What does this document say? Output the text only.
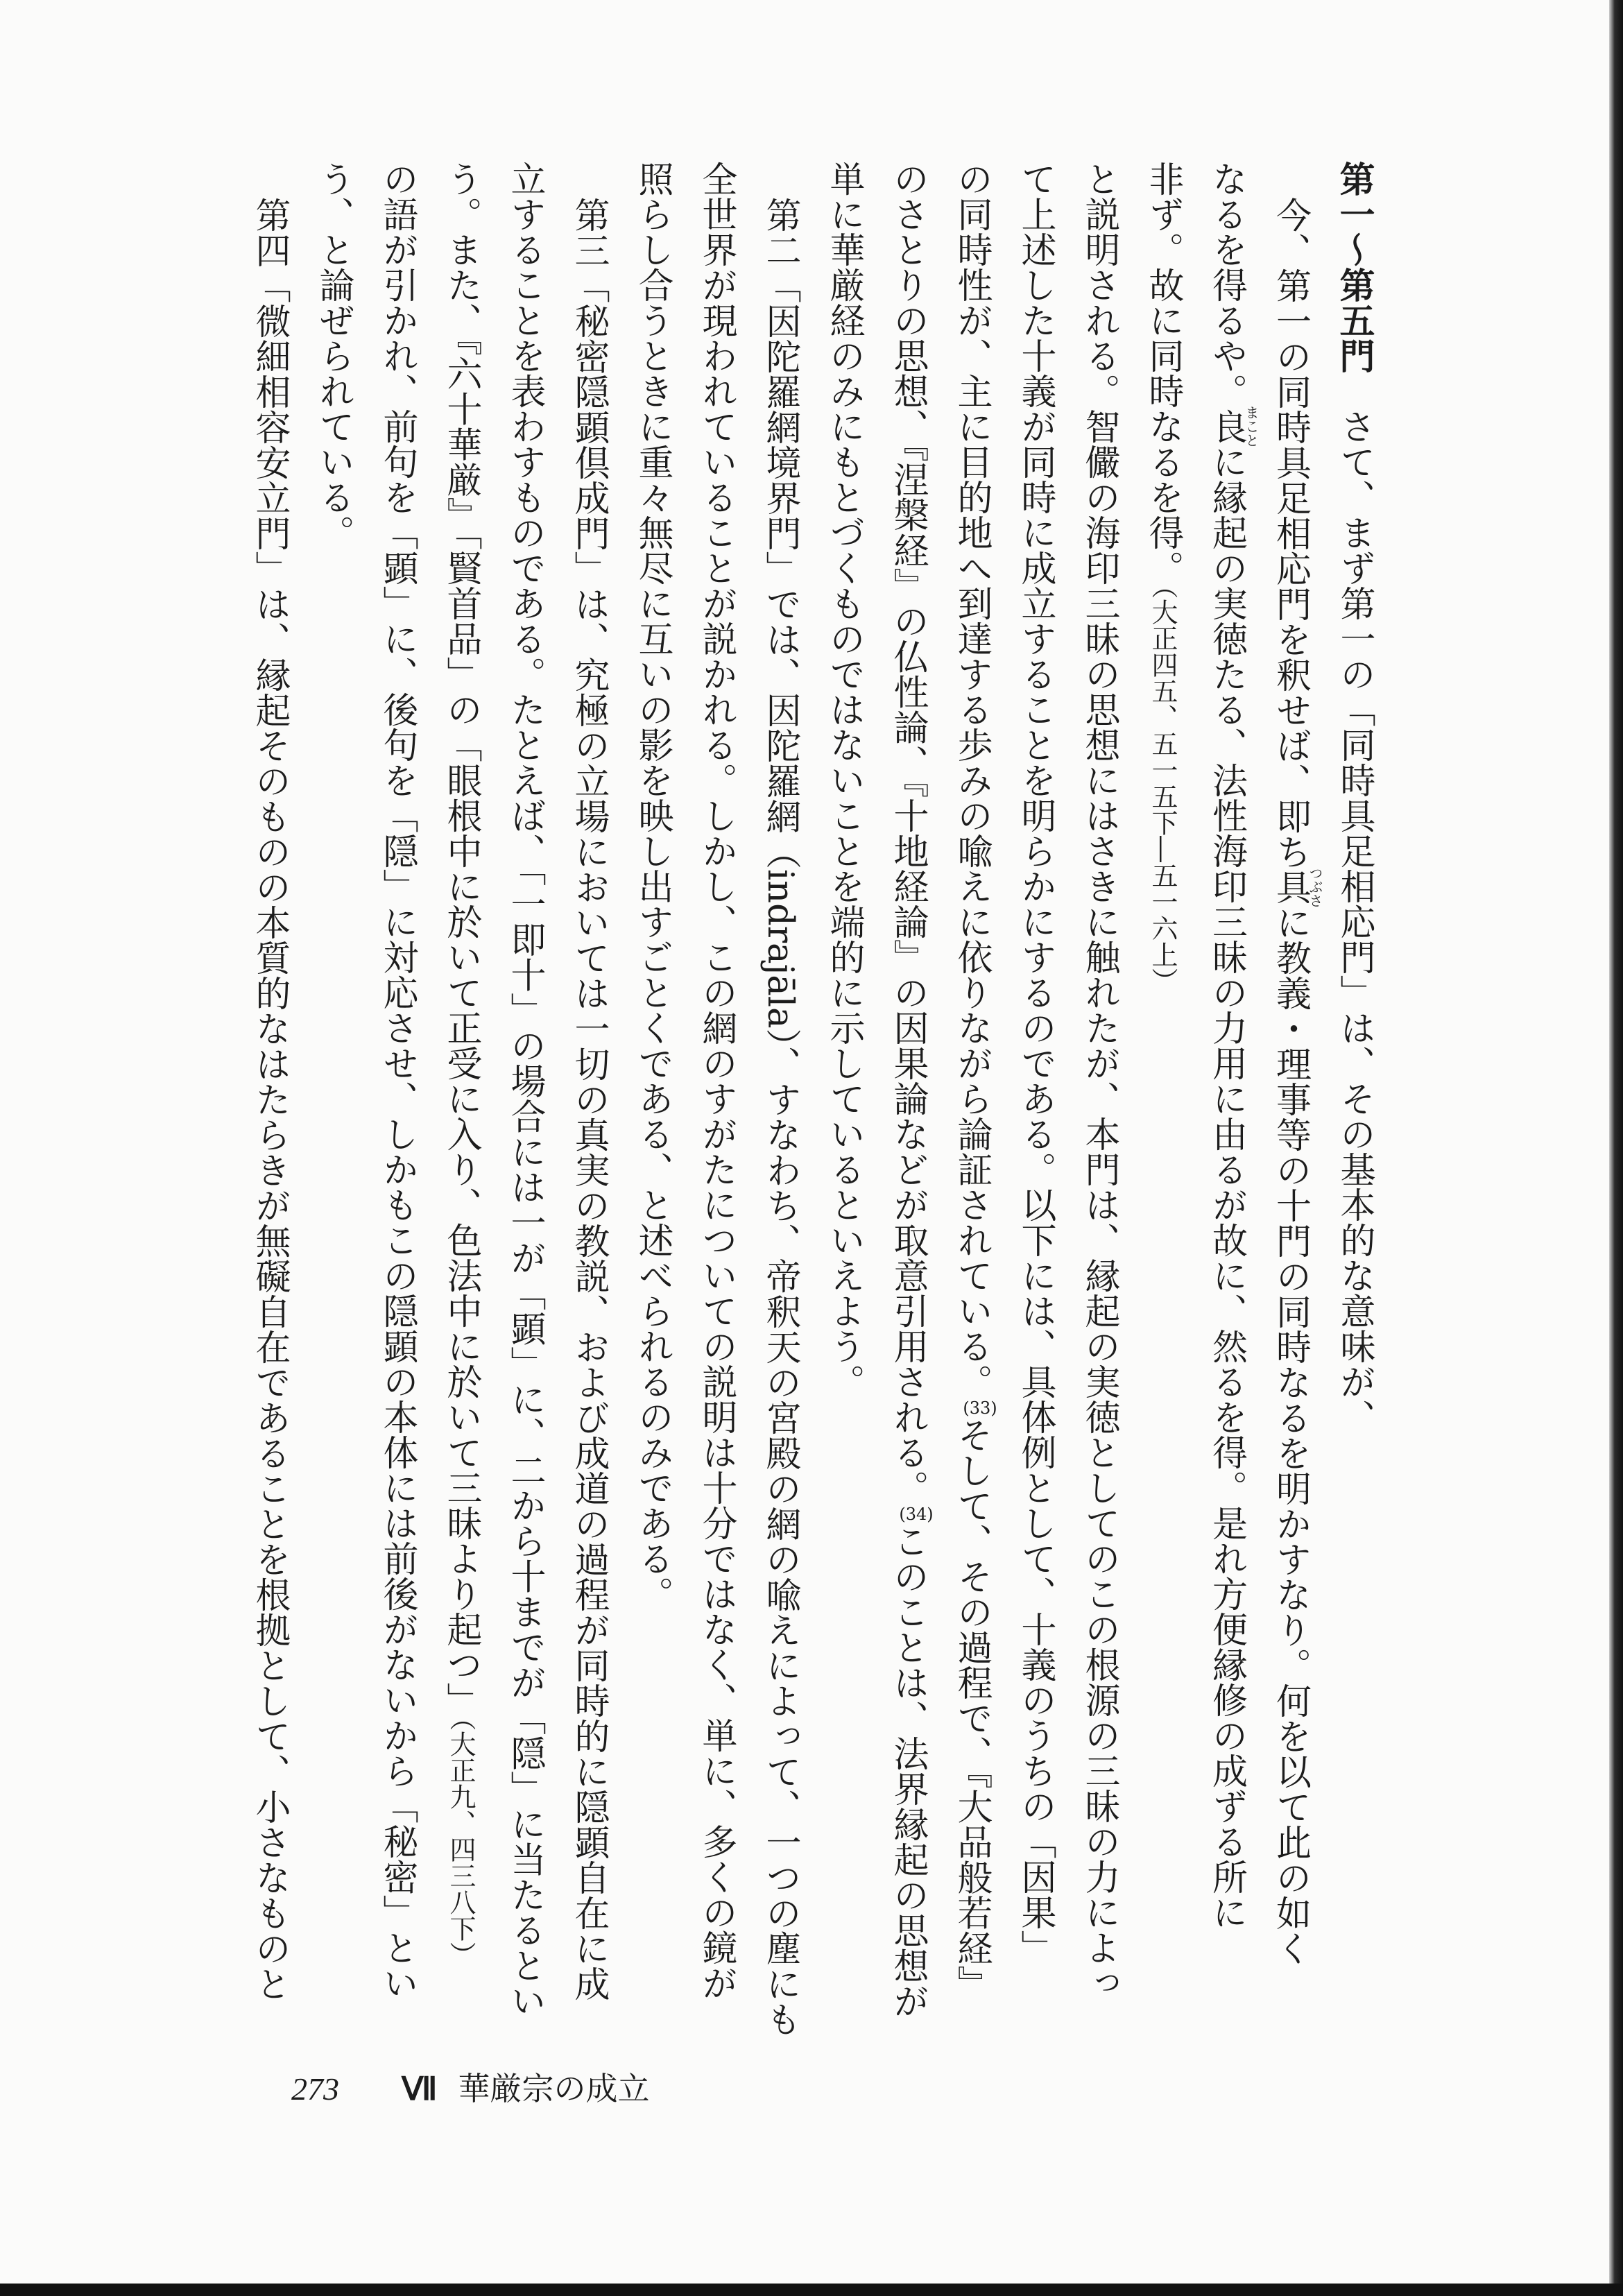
第一〜第五門　さて、まず第一の「同時具足相応門」は、その基本的な意味が、
今、第一の同時具足相応門を釈せば、即ち具つぶさに教義・理事等の十門の同時なるを明かすなり。何を以て此の如く
なるを得るや。良まことに縁起の実徳たる、法性海印三昧の力用に由るが故に、然るを得。是れ方便縁修の成ずる所に
非ず。故に同時なるを得。（大正四五、五一五下―五一六上）
と説明される。智儼の海印三昧の思想にはさきに触れたが、本門は、縁起の実徳としてのこの根源の三昧の力によっ
て上述した十義が同時に成立することを明らかにするのである。以下には、具体例として、十義のうちの「因果」
の同時性が、主に目的地へ到達する歩みの喩えに依りながら論証されている。(33)そして、その過程で、『大品般若経』
のさとりの思想、『涅槃経』の仏性論、『十地経論』の因果論などが取意引用される。(34)このことは、法界縁起の思想が
単に華厳経のみにもとづくものではないことを端的に示しているといえよう。
第二「因陀羅網境界門」では、因陀羅網（indrajāla）、すなわち、帝釈天の宮殿の網の喩えによって、一つの塵にも
全世界が現われていることが説かれる。しかし、この網のすがたについての説明は十分ではなく、単に、多くの鏡が
照らし合うときに重々無尽に互いの影を映し出すごとくである、と述べられるのみである。
第三「秘密隠顕倶成門」は、究極の立場においては一切の真実の教説、および成道の過程が同時的に隠顕自在に成
立することを表わすものである。たとえば、「一即十」の場合には一が「顕」に、二から十までが「隠」に当たるとい
う。また、『六十華厳』「賢首品」の「眼根中に於いて正受に入り、色法中に於いて三昧より起つ」（大正九、四三八下）
の語が引かれ、前句を「顕」に、後句を「隠」に対応させ、しかもこの隠顕の本体には前後がないから「秘密」とい
う、と論ぜられている。
第四「微細相容安立門」は、縁起そのものの本質的なはたらきが無礙自在であることを根拠として、小さなものと
273 Ⅶ 華厳宗の成立
